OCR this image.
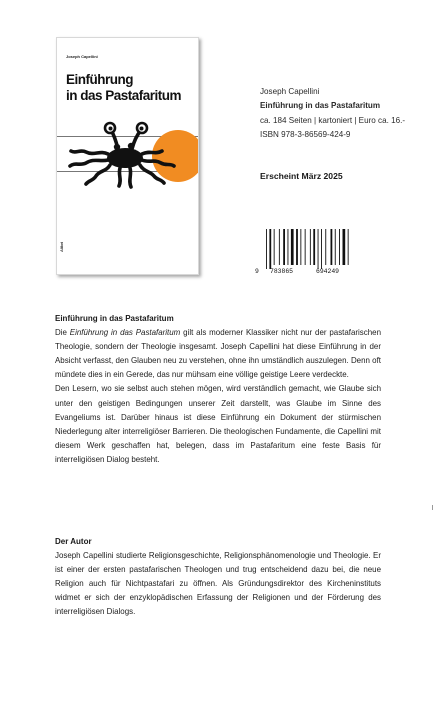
Joseph Capellini
Einführung
in das Pastafaritum
Alibri
Joseph Capellini
Einführung in das Pastafaritum
ca. 184 Seiten | kartoniert | Euro ca. 16.-
ISBN 978-3-86569-424-9
Erscheint März 2025
9 783865	694249
Einführung in das Pastafaritum

Die Einführung in das Pastafaritum gilt als moderner Klassiker nicht nur der pastafarischen Theologie, sondern der Theologie insgesamt. Joseph Capellini hat diese Einführung in der Absicht verfasst, den Glauben neu zu verstehen, ohne ihn umständlich auszulegen. Denn oft mündete dies in ein Gerede, das nur mühsam eine völlige geistige Leere verdeckte.

Den Lesern, wo sie selbst auch stehen mögen, wird verständlich gemacht, wie Glaube sich unter den geistigen Bedingungen unserer Zeit darstellt, was Glaube im Sinne des Evangeliums ist. Darüber hinaus ist diese Einführung ein Dokument der stürmischen Niederlegung alter interreligiöser Barrieren. Die theologischen Fundamente, die Capellini mit diesem Werk geschaffen hat, belegen, dass im Pastafaritum eine feste Basis für interreligiösen Dialog besteht.

Der Autor

Joseph Capellini studierte Religionsgeschichte, Religionsphänomenologie und Theologie. Er ist einer der ersten pastafarischen Theologen und trug entscheidend dazu bei, die neue Religion auch für Nichtpastafari zu öffnen. Als Gründungsdirektor des Kircheninstituts widmet er sich der enzyklopädischen Erfassung der Religionen und der Förderung des interreligiösen Dialogs.
